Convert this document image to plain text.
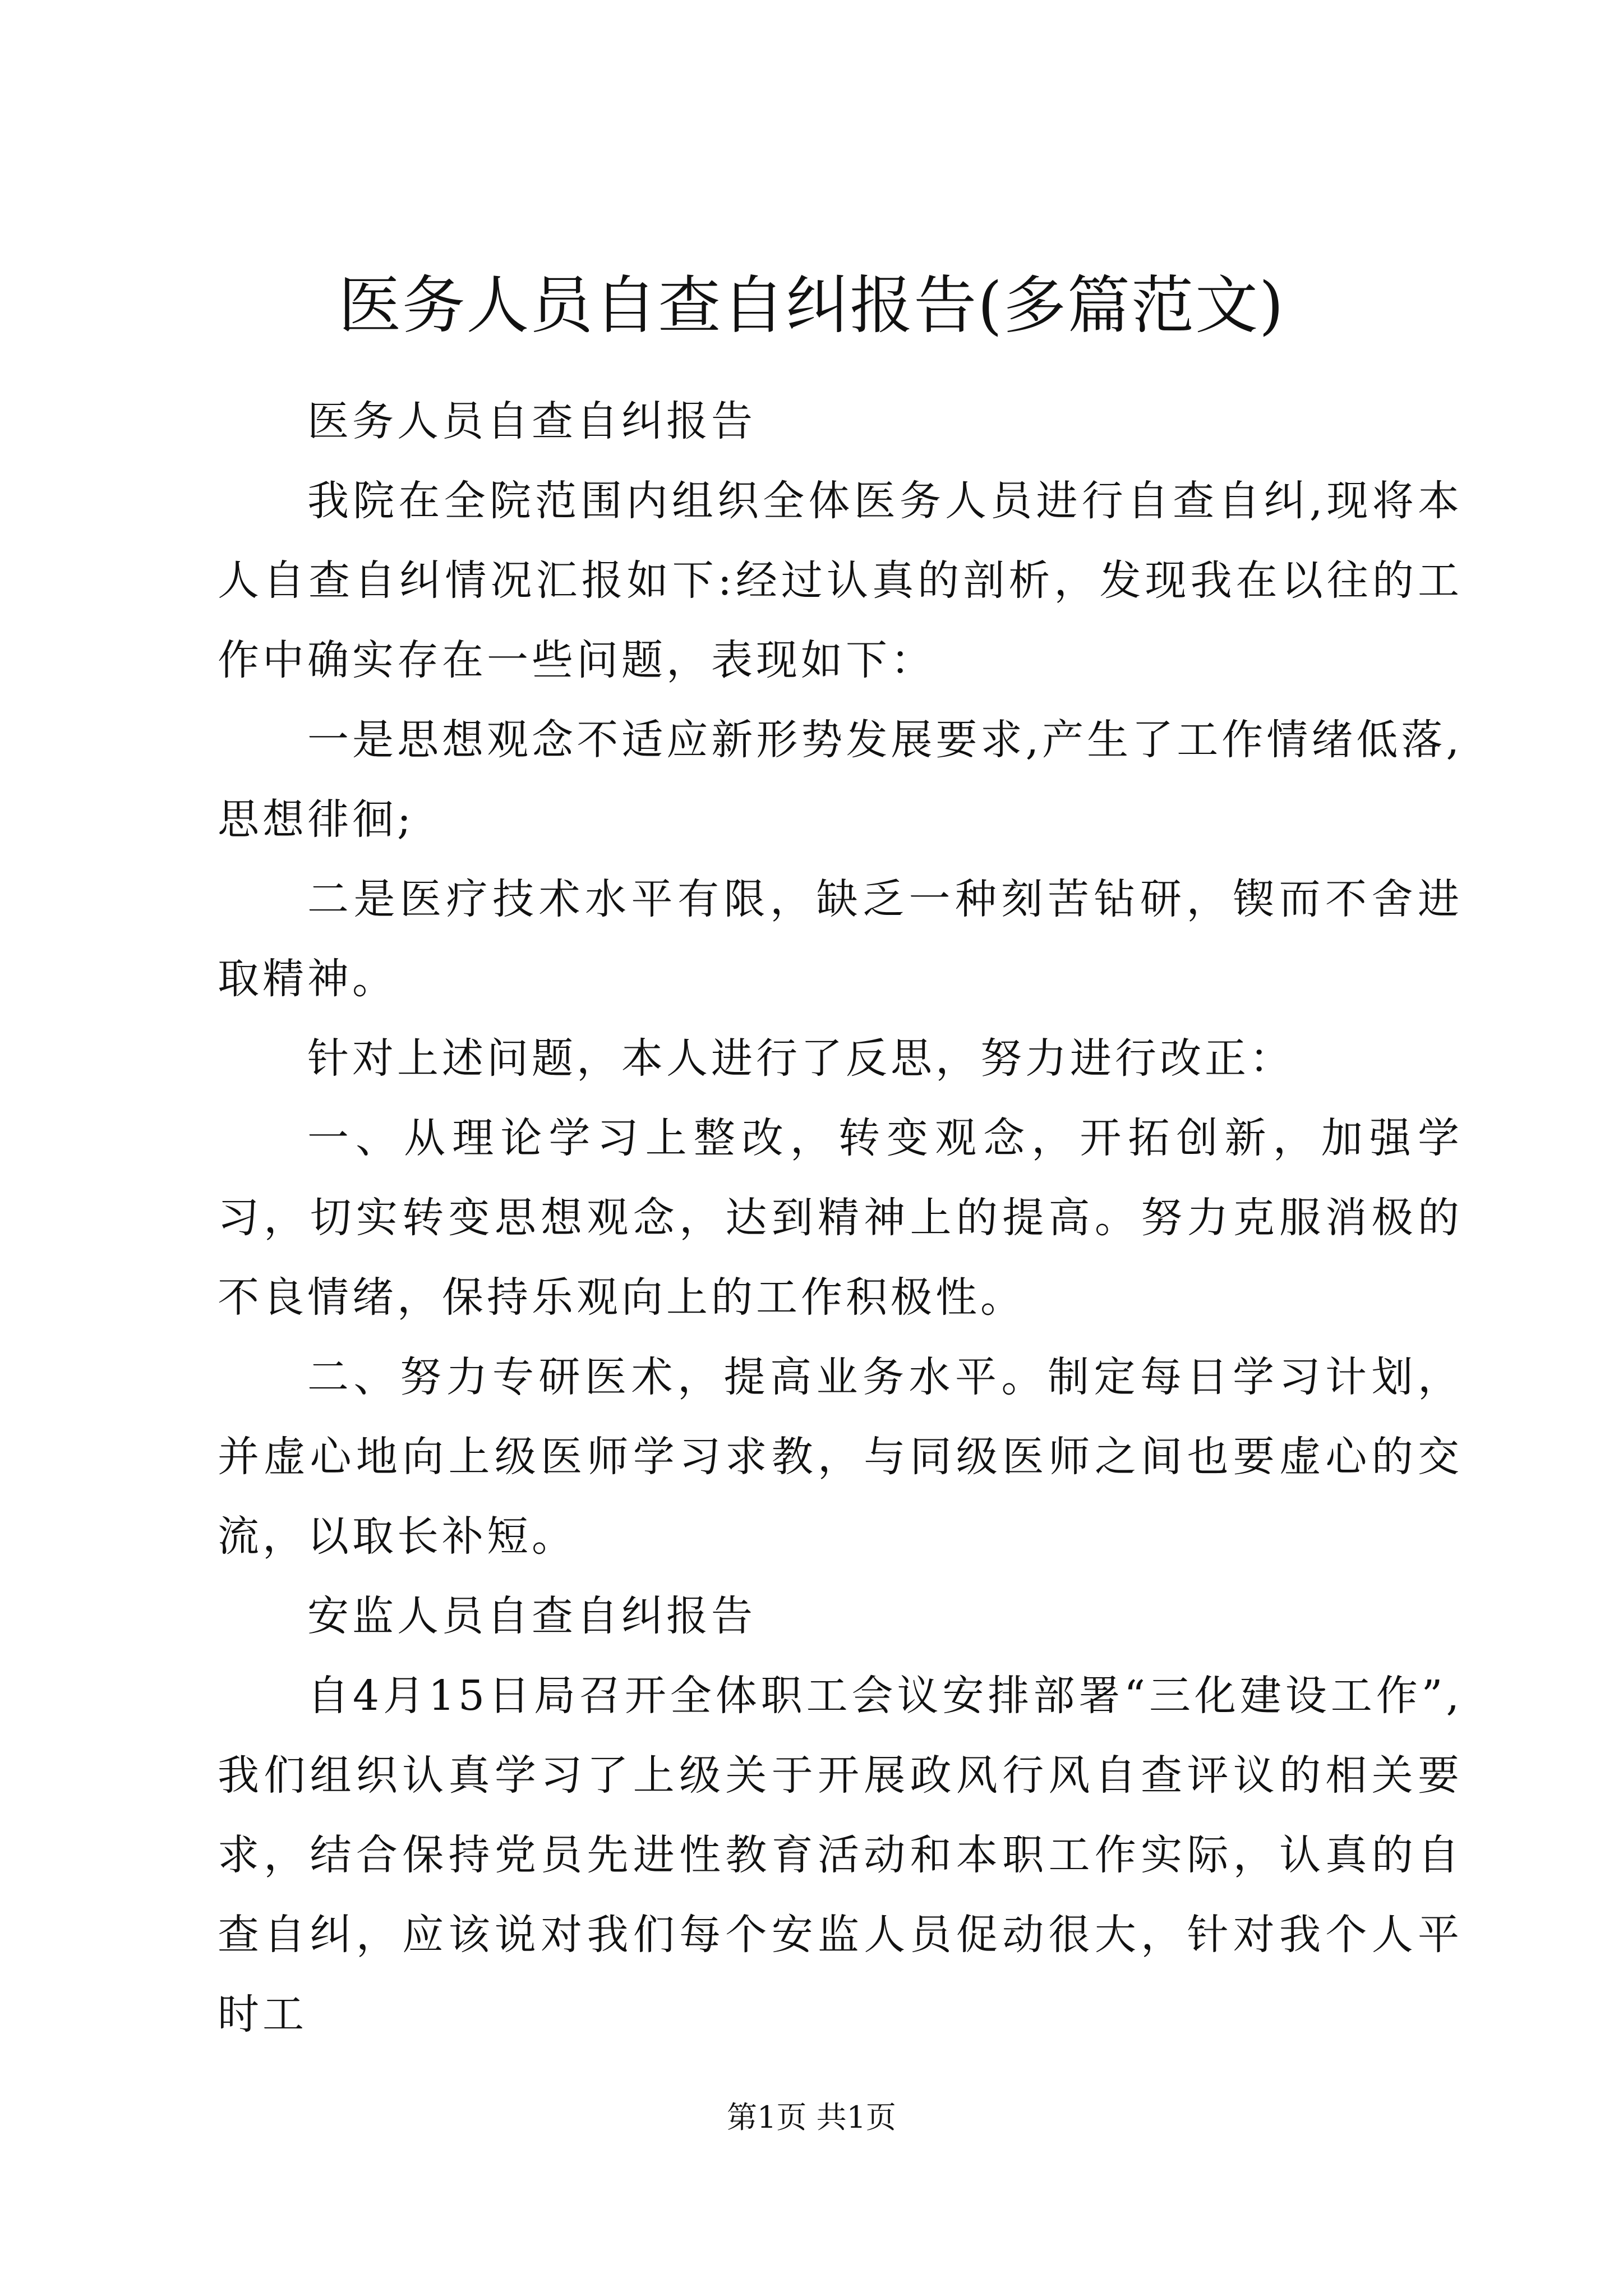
医务人员自查自纠报告(多篇范文)

医务人员自查自纠报告

我院在全院范围内组织全体医务人员进行自查自纠,现将本人自查自纠情况汇报如下:经过认真的剖析，发现我在以往的工作中确实存在一些问题，表现如下：

一是思想观念不适应新形势发展要求,产生了工作情绪低落,思想徘徊;

二是医疗技术水平有限，缺乏一种刻苦钻研，锲而不舍进取精神。

针对上述问题，本人进行了反思，努力进行改正：

一、从理论学习上整改，转变观念，开拓创新，加强学习，切实转变思想观念，达到精神上的提高。努力克服消极的不良情绪，保持乐观向上的工作积极性。

二、努力专研医术，提高业务水平。制定每日学习计划，并虚心地向上级医师学习求教，与同级医师之间也要虚心的交流，以取长补短。

安监人员自查自纠报告

自4月15日局召开全体职工会议安排部署“三化建设工作”,我们组织认真学习了上级关于开展政风行风自查评议的相关要求，结合保持党员先进性教育活动和本职工作实际，认真的自查自纠，应该说对我们每个安监人员促动很大，针对我个人平时工

第1页 共1页
